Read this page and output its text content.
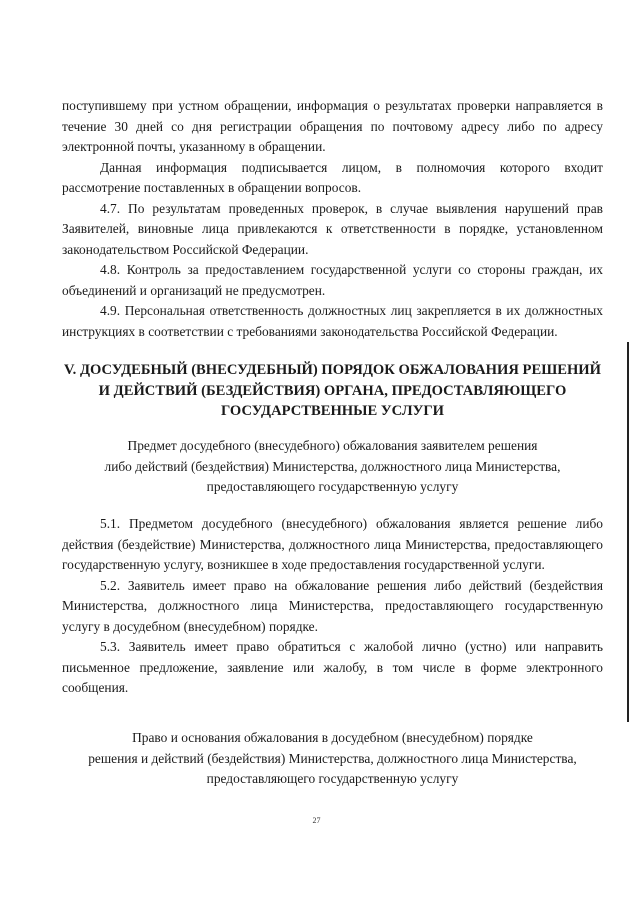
поступившему при устном обращении, информация о результатах проверки направляется в течение 30 дней со дня регистрации обращения по почтовому адресу либо по адресу электронной почты, указанному в обращении.

Данная информация подписывается лицом, в полномочия которого входит рассмотрение поставленных в обращении вопросов.

4.7. По результатам проведенных проверок, в случае выявления нарушений прав Заявителей, виновные лица привлекаются к ответственности в порядке, установленном законодательством Российской Федерации.

4.8. Контроль за предоставлением государственной услуги со стороны граждан, их объединений и организаций не предусмотрен.

4.9. Персональная ответственность должностных лиц закрепляется в их должностных инструкциях в соответствии с требованиями законодательства Российской Федерации.

V. ДОСУДЕБНЫЙ (ВНЕСУДЕБНЫЙ) ПОРЯДОК ОБЖАЛОВАНИЯ РЕШЕНИЙ
И ДЕЙСТВИЙ (БЕЗДЕЙСТВИЯ) ОРГАНА, ПРЕДОСТАВЛЯЮЩЕГО
ГОСУДАРСТВЕННЫЕ УСЛУГИ
Предмет досудебного (внесудебного) обжалования заявителем решения
либо действий (бездействия) Министерства, должностного лица Министерства,
предоставляющего государственную услугу

5.1. Предметом досудебного (внесудебного) обжалования является решение либо действия (бездействие) Министерства, должностного лица Министерства, предоставляющего государственную услугу, возникшее в ходе предоставления государственной услуги.

5.2. Заявитель имеет право на обжалование решения либо действий (бездействия Министерства, должностного лица Министерства, предоставляющего государственную услугу в досудебном (внесудебном) порядке.

5.3. Заявитель имеет право обратиться с жалобой лично (устно) или направить письменное предложение, заявление или жалобу, в том числе в форме электронного сообщения.

Право и основания обжалования в досудебном (внесудебном) порядке
решения и действий (бездействия) Министерства, должностного лица Министерства,
предоставляющего государственную услугу
27
